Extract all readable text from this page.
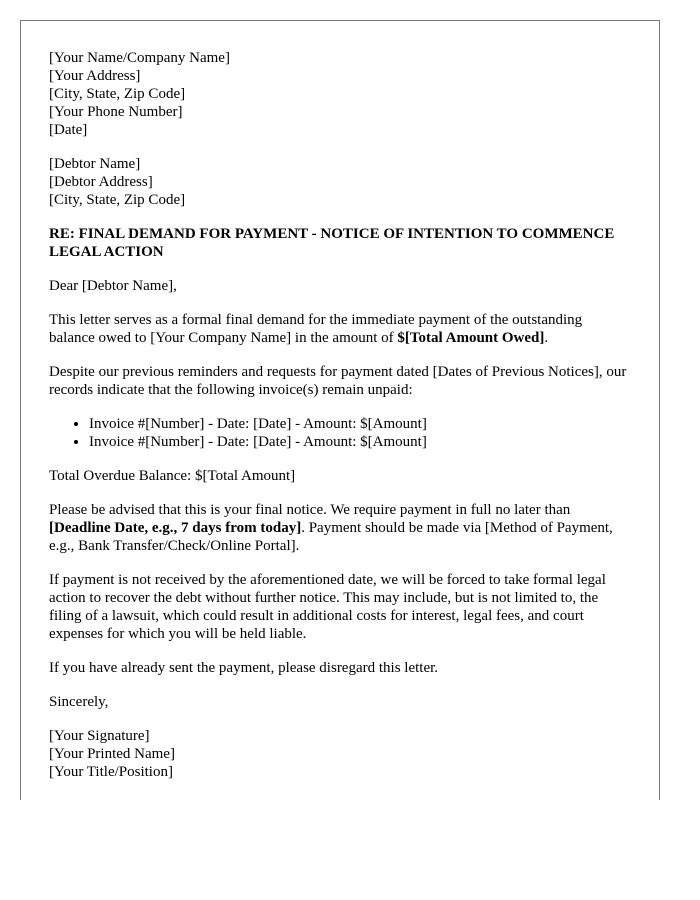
[Your Name/Company Name]
[Your Address]
[City, State, Zip Code]
[Your Phone Number]
[Date]
[Debtor Name]
[Debtor Address]
[City, State, Zip Code]
RE: FINAL DEMAND FOR PAYMENT - NOTICE OF INTENTION TO COMMENCE LEGAL ACTION

Dear [Debtor Name],

This letter serves as a formal final demand for the immediate payment of the outstanding balance owed to [Your Company Name] in the amount of $[Total Amount Owed].

Despite our previous reminders and requests for payment dated [Dates of Previous Notices], our records indicate that the following invoice(s) remain unpaid:

• Invoice #[Number] - Date: [Date] - Amount: $[Amount]
• Invoice #[Number] - Date: [Date] - Amount: $[Amount]

Total Overdue Balance: $[Total Amount]

Please be advised that this is your final notice. We require payment in full no later than [Deadline Date, e.g., 7 days from today]. Payment should be made via [Method of Payment, e.g., Bank Transfer/Check/Online Portal].

If payment is not received by the aforementioned date, we will be forced to take formal legal action to recover the debt without further notice. This may include, but is not limited to, the filing of a lawsuit, which could result in additional costs for interest, legal fees, and court expenses for which you will be held liable.

If you have already sent the payment, please disregard this letter.

Sincerely,

[Your Signature]
[Your Printed Name]
[Your Title/Position]
